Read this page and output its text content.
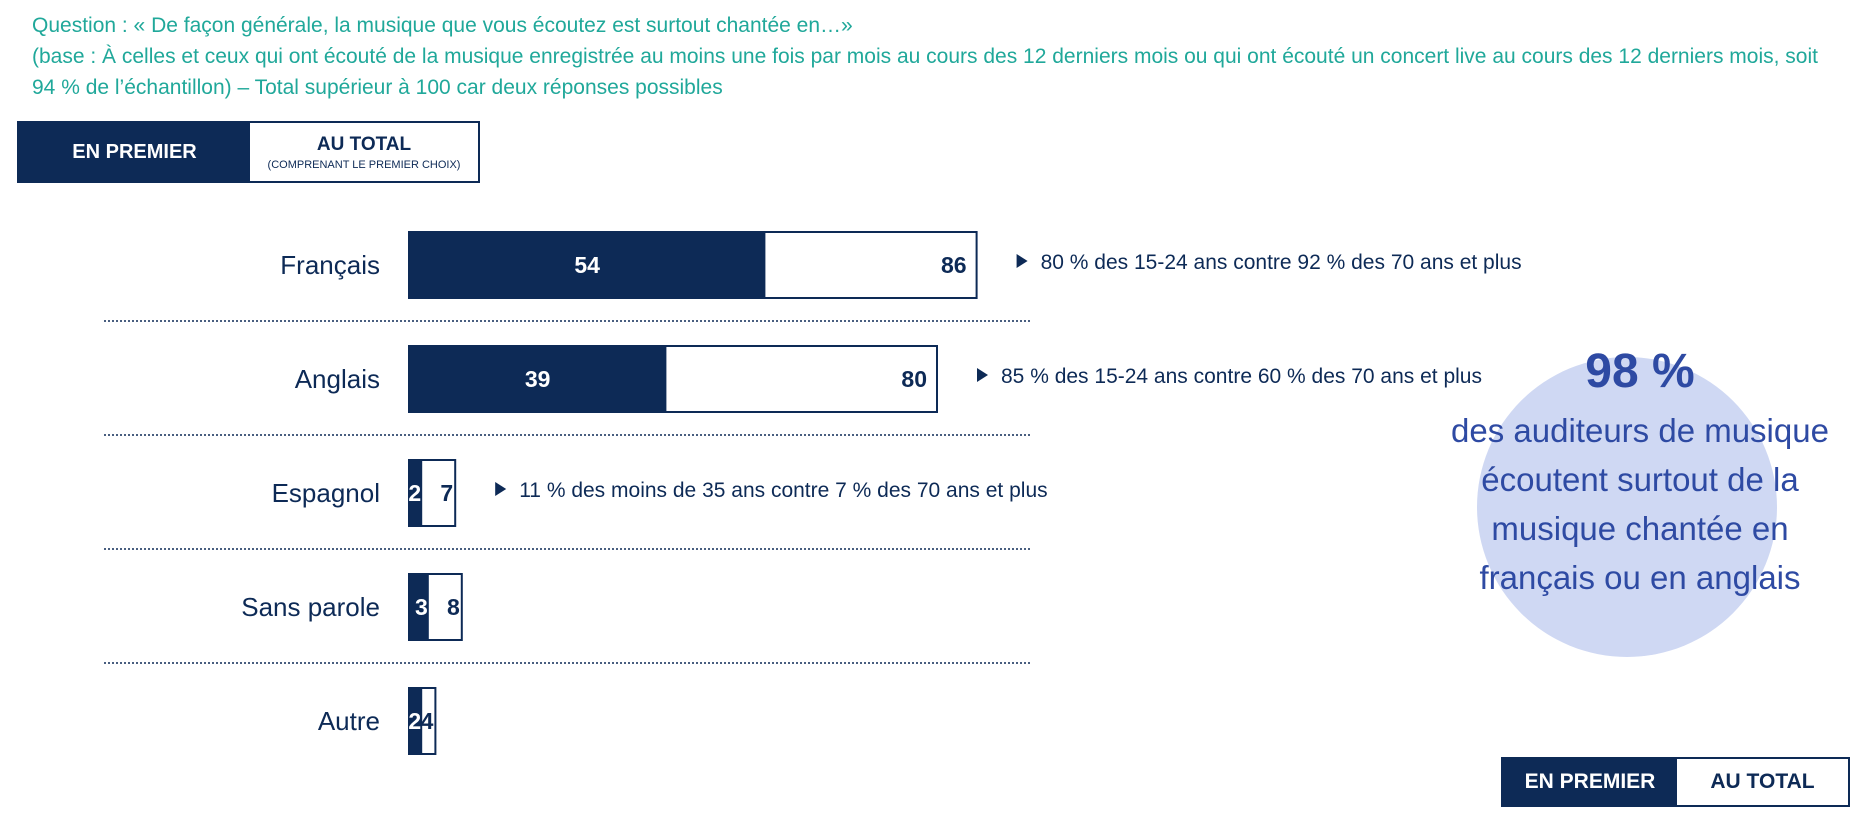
Question : « De façon générale, la musique que vous écoutez est surtout chantée en…»

(base : À celles et ceux qui ont écouté de la musique enregistrée au moins une fois par mois au cours des 12 derniers mois ou qui ont écouté un concert live au cours des 12 derniers mois, soit 94 % de l’échantillon) – Total supérieur à 100 car deux réponses possibles

EN PREMIER	AU TOTAL
(COMPRENANT LE PREMIER CHOIX)
Français	54	86	80 % des 15-24 ans contre 92 % des 70 ans et plus
Anglais	39	80	85 % des 15-24 ans contre 60 % des 70 ans et plus
Espagnol 2 7	11 % des moins de 35 ans contre 7 % des 70 ans et plus
Sans parole 3 8
Autre 2 4
98 %
des auditeurs de musique écoutent surtout de la musique chantée en français ou en anglais
EN PREMIER	AU TOTAL
